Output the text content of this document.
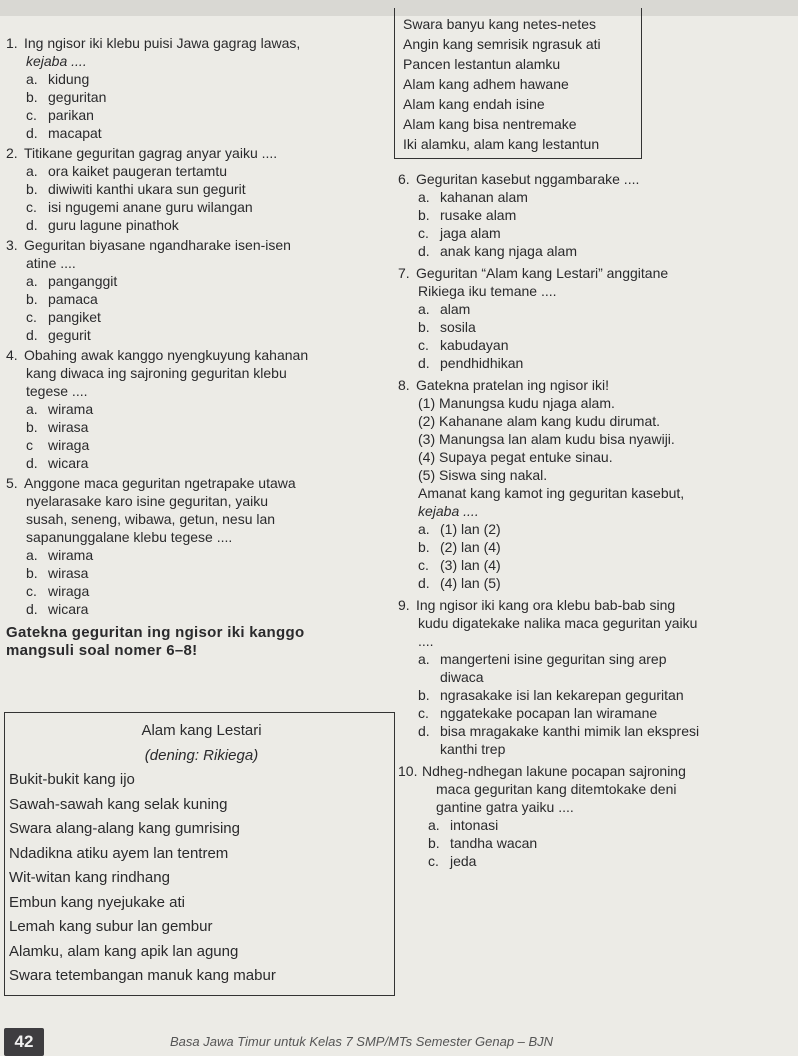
Swara banyu kang netes-netes
Angin kang semrisik ngrasuk ati
Pancen lestantun alamku
Alam kang adhem hawane
Alam kang endah isine
Alam kang bisa nentremake
Iki alamku, alam kang lestantun
1. Ing ngisor iki klebu puisi Jawa gagrag lawas,
kejaba ....
a. kidung
b. geguritan
c. parikan
d. macapat
2. Titikane geguritan gagrag anyar yaiku ....
a. ora kaiket paugeran tertamtu
b. diwiwiti kanthi ukara sun gegurit
c. isi ngugemi anane guru wilangan
d. guru lagune pinathok
3. Geguritan biyasane ngandharake isen-isen
atine ....
a. panganggit
b. pamaca
c. pangiket
d. gegurit
4. Obahing awak kanggo nyengkuyung kahanan
kang diwaca ing sajroning geguritan klebu
tegese ....
a. wirama
b. wirasa
c wiraga
d. wicara
5. Anggone maca geguritan ngetrapake utawa
nyelarasake karo isine geguritan, yaiku
susah, seneng, wibawa, getun, nesu lan
sapanunggalane klebu tegese ....
a. wirama
b. wirasa
c. wiraga
d. wicara
Gatekna geguritan ing ngisor iki kanggo
mangsuli soal nomer 6–8!
Alam kang Lestari
(dening: Rikiega)
Bukit-bukit kang ijo
Sawah-sawah kang selak kuning
Swara alang-alang kang gumrising
Ndadikna atiku ayem lan tentrem
Wit-witan kang rindhang
Embun kang nyejukake ati
Lemah kang subur lan gembur
Alamku, alam kang apik lan agung
Swara tetembangan manuk kang mabur
6. Geguritan kasebut nggambarake ....
a. kahanan alam
b. rusake alam
c. jaga alam
d. anak kang njaga alam
7. Geguritan “Alam kang Lestari” anggitane
Rikiega iku temane ....
a. alam
b. sosila
c. kabudayan
d. pendhidhikan
8. Gatekna pratelan ing ngisor iki!
(1) Manungsa kudu njaga alam.
(2) Kahanane alam kang kudu dirumat.
(3) Manungsa lan alam kudu bisa nyawiji.
(4) Supaya pegat entuke sinau.
(5) Siswa sing nakal.
Amanat kang kamot ing geguritan kasebut,
kejaba ....
a. (1) lan (2)
b. (2) lan (4)
c. (3) lan (4)
d. (4) lan (5)
9. Ing ngisor iki kang ora klebu bab-bab sing
kudu digatekake nalika maca geguritan yaiku
....
a. mangerteni isine geguritan sing arep
diwaca
b. ngrasakake isi lan kekarepan geguritan
c. nggatekake pocapan lan wiramane
d. bisa mragakake kanthi mimik lan ekspresi
kanthi trep
10. Ndheg-ndhegan lakune pocapan sajroning
maca geguritan kang ditemtokake deni
gantine gatra yaiku ....
a. intonasi
b. tandha wacan
c. jeda
42	Basa Jawa Timur untuk Kelas 7 SMP/MTs Semester Genap – BJN
